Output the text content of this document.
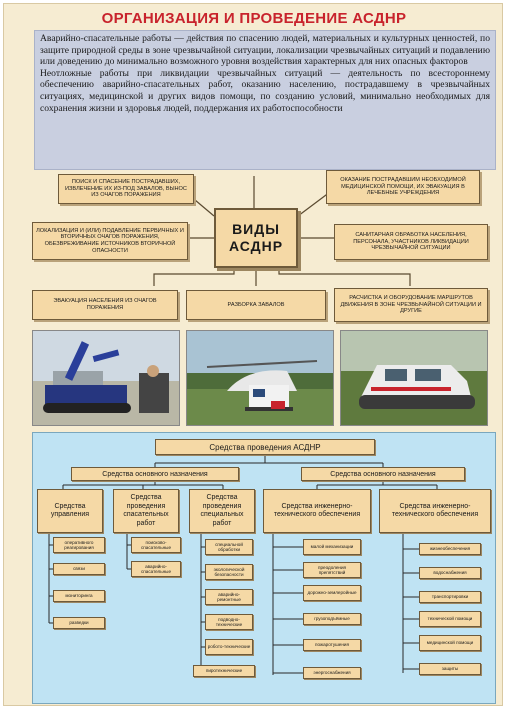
ОРГАНИЗАЦИЯ И ПРОВЕДЕНИЕ АСДНР

Аварийно-спасательные работы — действия по спасению людей, материальных и культурных ценностей, по защите природной среды в зоне чрезвычайной ситуации, локализации чрезвычайных ситуаций и подавлению или доведению до минимально возможного уровня воздействия характерных для них опасных факторов

Неотложные работы при ликвидации чрезвычайных ситуаций — деятельность по всестороннему обеспечению аварийно-спасательных работ, оказанию населению, пострадавшему в чрезвычайных ситуациях, медицинской и других видов помощи, по созданию условий, минимально необходимых для сохранения жизни и здоровья людей, поддержания их работоспособности

ПОИСК И СПАСЕНИЕ ПОСТРАДАВШИХ, ИЗВЛЕЧЕНИЕ ИХ ИЗ-ПОД ЗАВАЛОВ, ВЫНОС ИЗ ОЧАГОВ ПОРАЖЕНИЯ
ОКАЗАНИЕ ПОСТРАДАВШИМ НЕОБХОДИМОЙ МЕДИЦИНСКОЙ ПОМОЩИ, ИХ ЭВАКУАЦИЯ В ЛЕЧЕБНЫЕ УЧРЕЖДЕНИЯ
ЛОКАЛИЗАЦИЯ И (ИЛИ) ПОДАВЛЕНИЕ ПЕРВИЧНЫХ И ВТОРИЧНЫХ ОЧАГОВ ПОРАЖЕНИЯ, ОБЕЗВРЕЖИВАНИЕ ИСТОЧНИКОВ ВТОРИЧНОЙ ОПАСНОСТИ
САНИТАРНАЯ ОБРАБОТКА НАСЕЛЕНИЯ, ПЕРСОНАЛА, УЧАСТНИКОВ ЛИКВИДАЦИИ ЧРЕЗВЫЧАЙНОЙ СИТУАЦИИ
ЭВАКУАЦИЯ НАСЕЛЕНИЯ ИЗ ОЧАГОВ ПОРАЖЕНИЯ
РАЗБОРКА ЗАВАЛОВ
РАСЧИСТКА И ОБОРУДОВАНИЕ МАРШРУТОВ ДВИЖЕНИЯ В ЗОНЕ ЧРЕЗВЫЧАЙНОЙ СИТУАЦИИ И ДРУГИЕ
ВИДЫ АСДНР
Средства проведения АСДНР
Средства основного назначения	Средства основного назначения
Средства управления
Средства проведения спасательных работ
Средства проведения специальных работ
Средства инженерно-технического обеспечения
Средства инженерно-технического обеспечения
оперативного реагирования
связи
мониторинга
разведки
поисково-спасательные
аварийно-спасательные
специальной обработки
экологической безопасности
аварийно-ремонтные
подводно-технические
робото-технические
пиротехнические
малой механизации
преодоления препятствий
дорожно-землеройные
грузоподъёмные
пожаротушения
энергоснабжения
жизнеобеспечения
водоснабжения
транспортировки
технической помощи
медицинской помощи
защиты
